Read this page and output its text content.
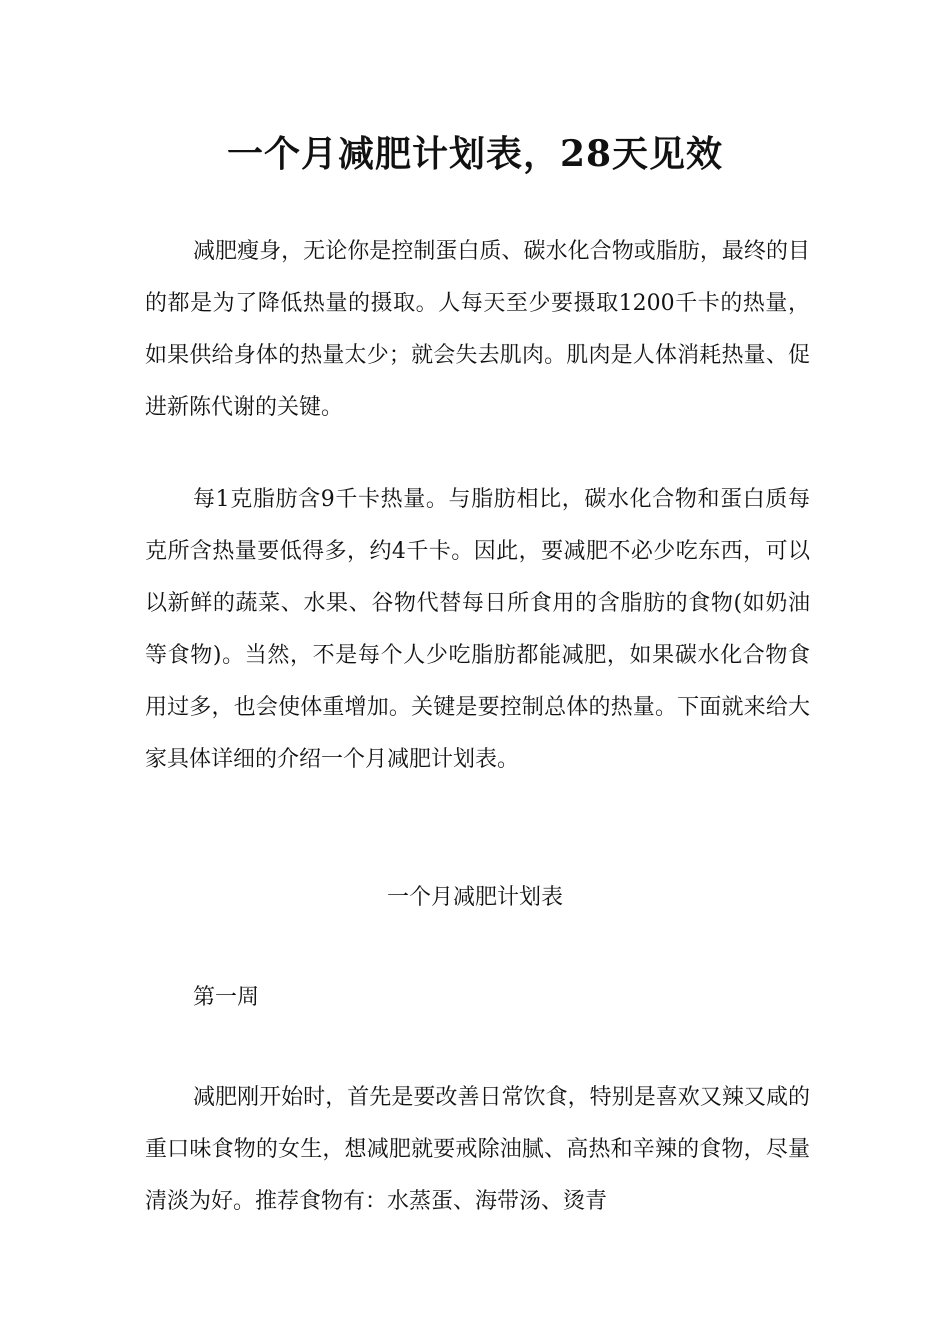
一个月减肥计划表，28天见效

减肥瘦身，无论你是控制蛋白质、碳水化合物或脂肪，最终的目的都是为了降低热量的摄取。人每天至少要摄取1200千卡的热量，如果供给身体的热量太少；就会失去肌肉。肌肉是人体消耗热量、促进新陈代谢的关键。

每1克脂肪含9千卡热量。与脂肪相比，碳水化合物和蛋白质每克所含热量要低得多，约4千卡。因此，要减肥不必少吃东西，可以以新鲜的蔬菜、水果、谷物代替每日所食用的含脂肪的食物(如奶油等食物)。当然，不是每个人少吃脂肪都能减肥，如果碳水化合物食用过多，也会使体重增加。关键是要控制总体的热量。下面就来给大家具体详细的介绍一个月减肥计划表。

一个月减肥计划表
第一周

减肥刚开始时，首先是要改善日常饮食，特别是喜欢又辣又咸的重口味食物的女生，想减肥就要戒除油腻、高热和辛辣的食物，尽量清淡为好。推荐食物有：水蒸蛋、海带汤、烫青
